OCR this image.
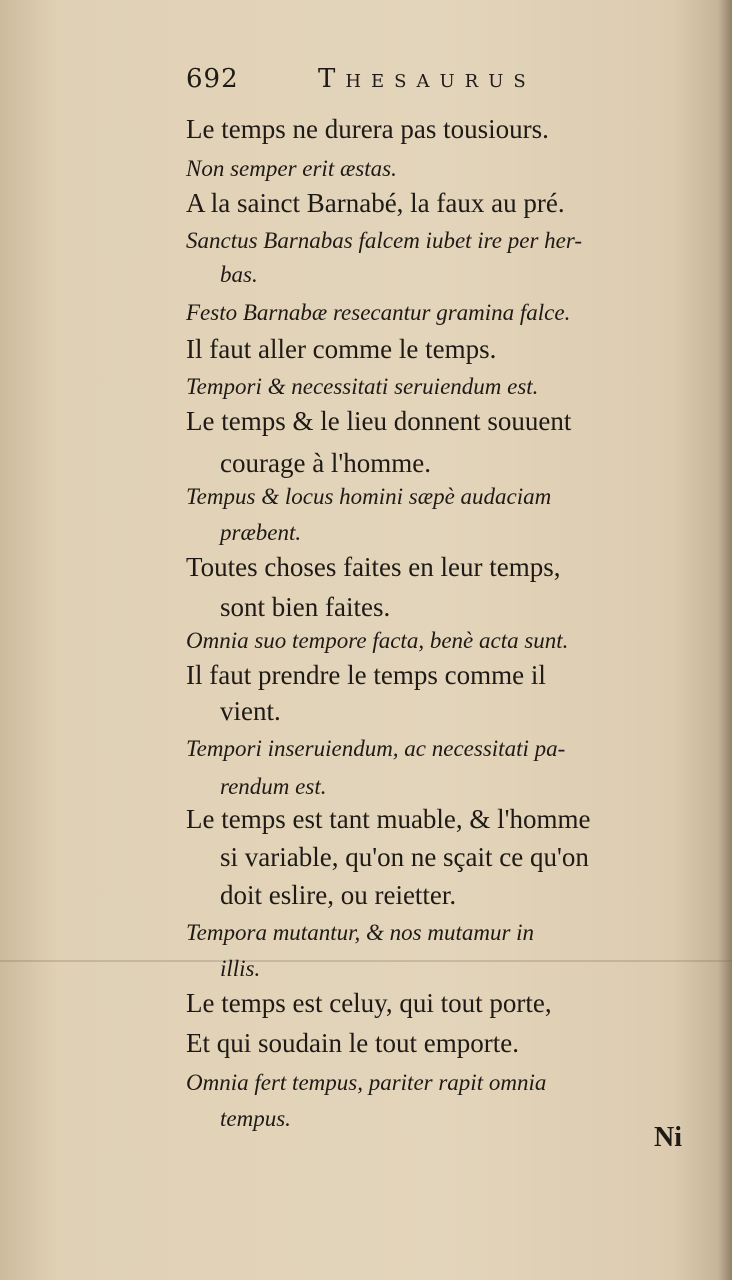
692	Thesaurus
Le temps ne durera pas tousiours.
Non semper erit æstas.
A la sainct Barnabé, la faux au pré.
Sanctus Barnabas falcem iubet ire per her-
bas.
Festo Barnabæ resecantur gramina falce.
Il faut aller comme le temps.
Tempori & necessitati seruiendum est.
Le temps & le lieu donnent souuent
courage à l'homme.
Tempus & locus homini sæpè audaciam
præbent.
Toutes choses faites en leur temps,
sont bien faites.
Omnia suo tempore facta, benè acta sunt.
Il faut prendre le temps comme il
vient.
Tempori inseruiendum, ac necessitati pa-
rendum est.
Le temps est tant muable, & l'homme
si variable, qu'on ne sçait ce qu'on
doit eslire, ou reietter.
Tempora mutantur, & nos mutamur in
illis.
Le temps est celuy, qui tout porte,
Et qui soudain le tout emporte.
Omnia fert tempus, pariter rapit omnia
tempus.
Ni
